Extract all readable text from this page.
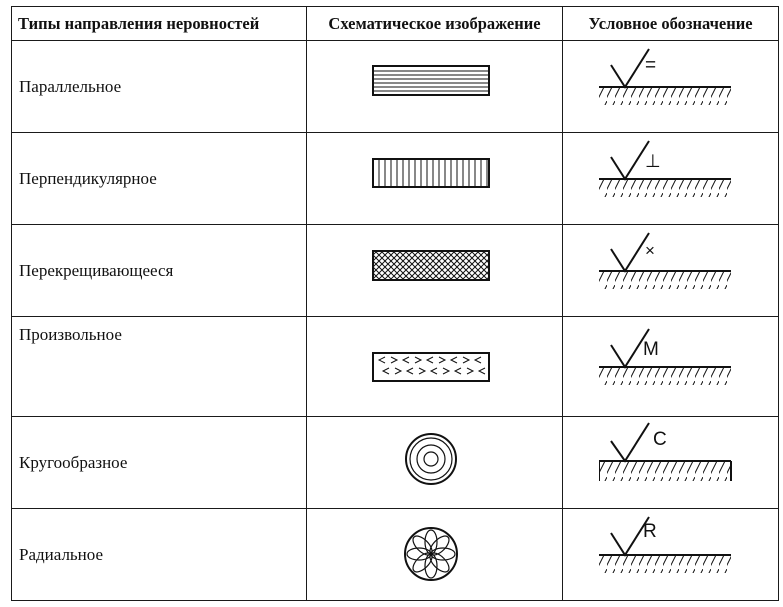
Типы направления неровностей	Схематическое изображение	Условное обозначение
Параллельное		=

Перпендикулярное		⊥

Перекрещивающееся		×

Произвольное		M

Кругообразное		C

Радиальное		R
